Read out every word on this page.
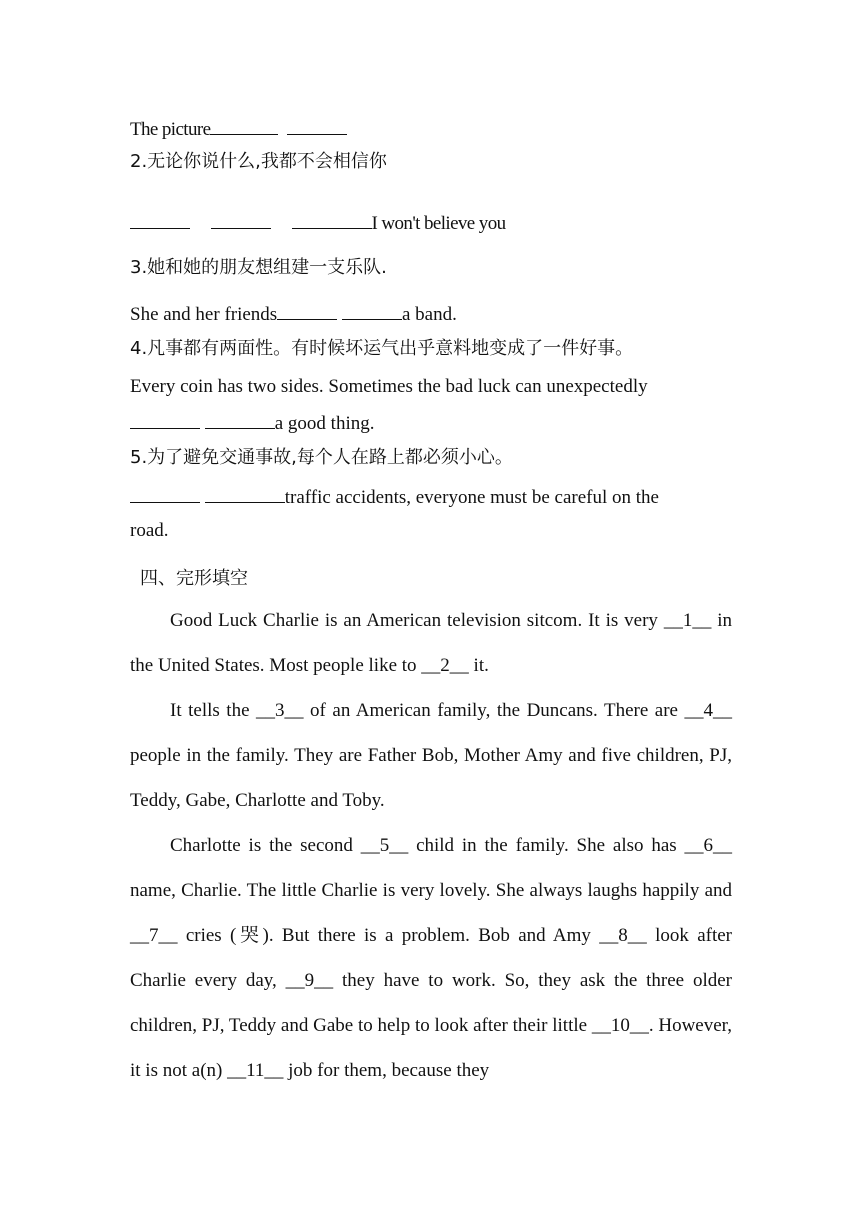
The picture
2.无论你说什么,我都不会相信你
I won't believe you
3.她和她的朋友想组建一支乐队.
She and her friends	a band.
4.凡事都有两面性。有时候坏运气出乎意料地变成了一件好事。
Every coin has two sides. Sometimes the bad luck can unexpectedly
a good thing.
5.为了避免交通事故,每个人在路上都必须小心。
traffic accidents, everyone must be careful on the
road.
四、完形填空
Good Luck Charlie is an American television sitcom. It is very __1__ in the United States. Most people like to __2__ it.
It tells the __3__ of an American family, the Duncans. There are __4__ people in the family. They are Father Bob, Mother Amy and five children, PJ, Teddy, Gabe, Charlotte and Toby.
Charlotte is the second __5__ child in the family. She also has __6__ name, Charlie. The little Charlie is very lovely. She always laughs happily and __7__ cries (哭). But there is a problem. Bob and Amy __8__ look after Charlie every day, __9__ they have to work. So, they ask the three older children, PJ, Teddy and Gabe to help to look after their little __10__. However, it is not a(n) __11__ job for them, because they
